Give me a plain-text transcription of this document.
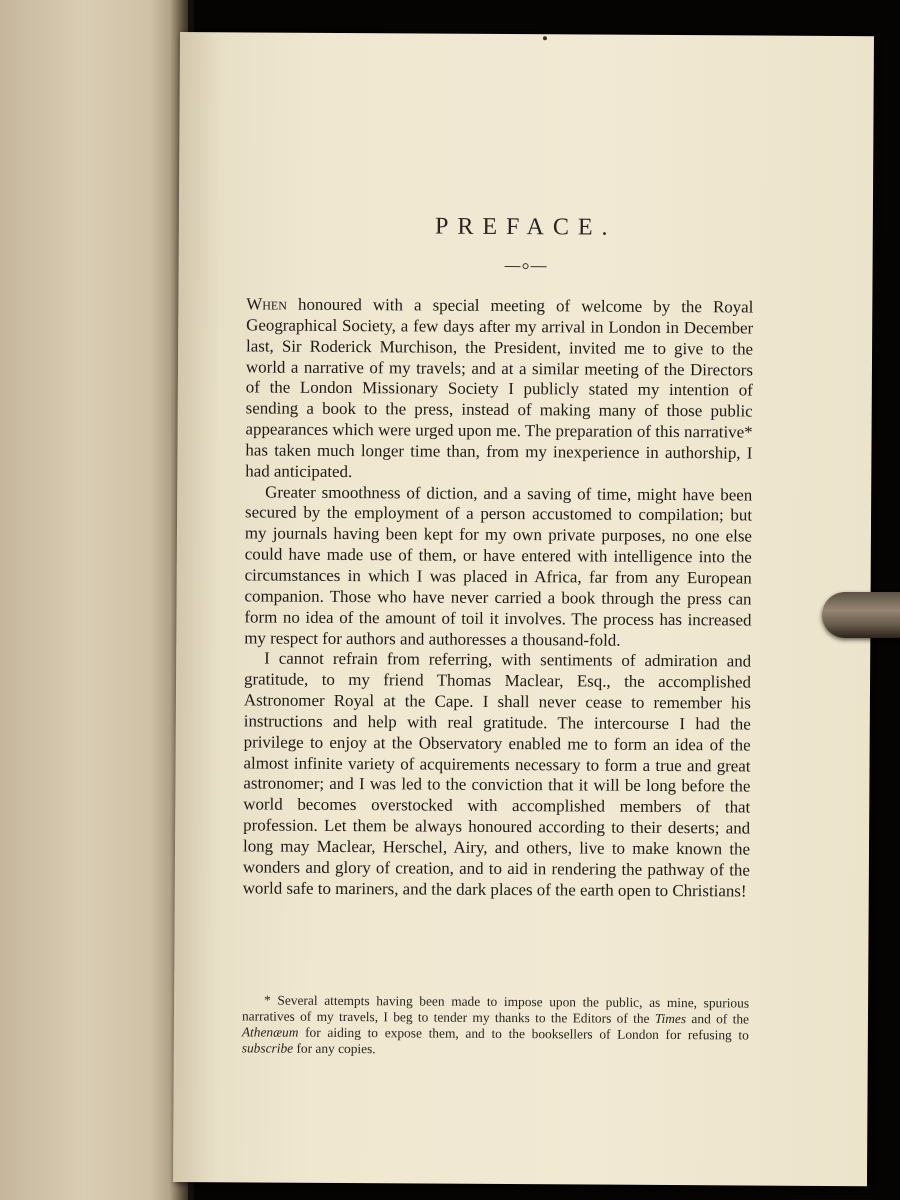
PREFACE.

When honoured with a special meeting of welcome by the Royal Geographical Society, a few days after my arrival in London in December last, Sir Roderick Murchison, the President, invited me to give to the world a narrative of my travels; and at a similar meeting of the Directors of the London Missionary Society I publicly stated my intention of sending a book to the press, instead of making many of those public appearances which were urged upon me. The preparation of this narrative* has taken much longer time than, from my inexperience in authorship, I had anticipated.

Greater smoothness of diction, and a saving of time, might have been secured by the employment of a person accustomed to compilation; but my journals having been kept for my own private purposes, no one else could have made use of them, or have entered with intelligence into the circumstances in which I was placed in Africa, far from any European companion. Those who have never carried a book through the press can form no idea of the amount of toil it involves. The process has increased my respect for authors and authoresses a thousand-fold.

I cannot refrain from referring, with sentiments of admiration and gratitude, to my friend Thomas Maclear, Esq., the accomplished Astronomer Royal at the Cape. I shall never cease to remember his instructions and help with real gratitude. The intercourse I had the privilege to enjoy at the Observatory enabled me to form an idea of the almost infinite variety of acquirements necessary to form a true and great astronomer; and I was led to the conviction that it will be long before the world becomes overstocked with accomplished members of that profession. Let them be always honoured according to their deserts; and long may Maclear, Herschel, Airy, and others, live to make known the wonders and glory of creation, and to aid in rendering the pathway of the world safe to mariners, and the dark places of the earth open to Christians!

* Several attempts having been made to impose upon the public, as mine, spurious narratives of my travels, I beg to tender my thanks to the Editors of the Times and of the Athenæum for aiding to expose them, and to the booksellers of London for refusing to subscribe for any copies.
